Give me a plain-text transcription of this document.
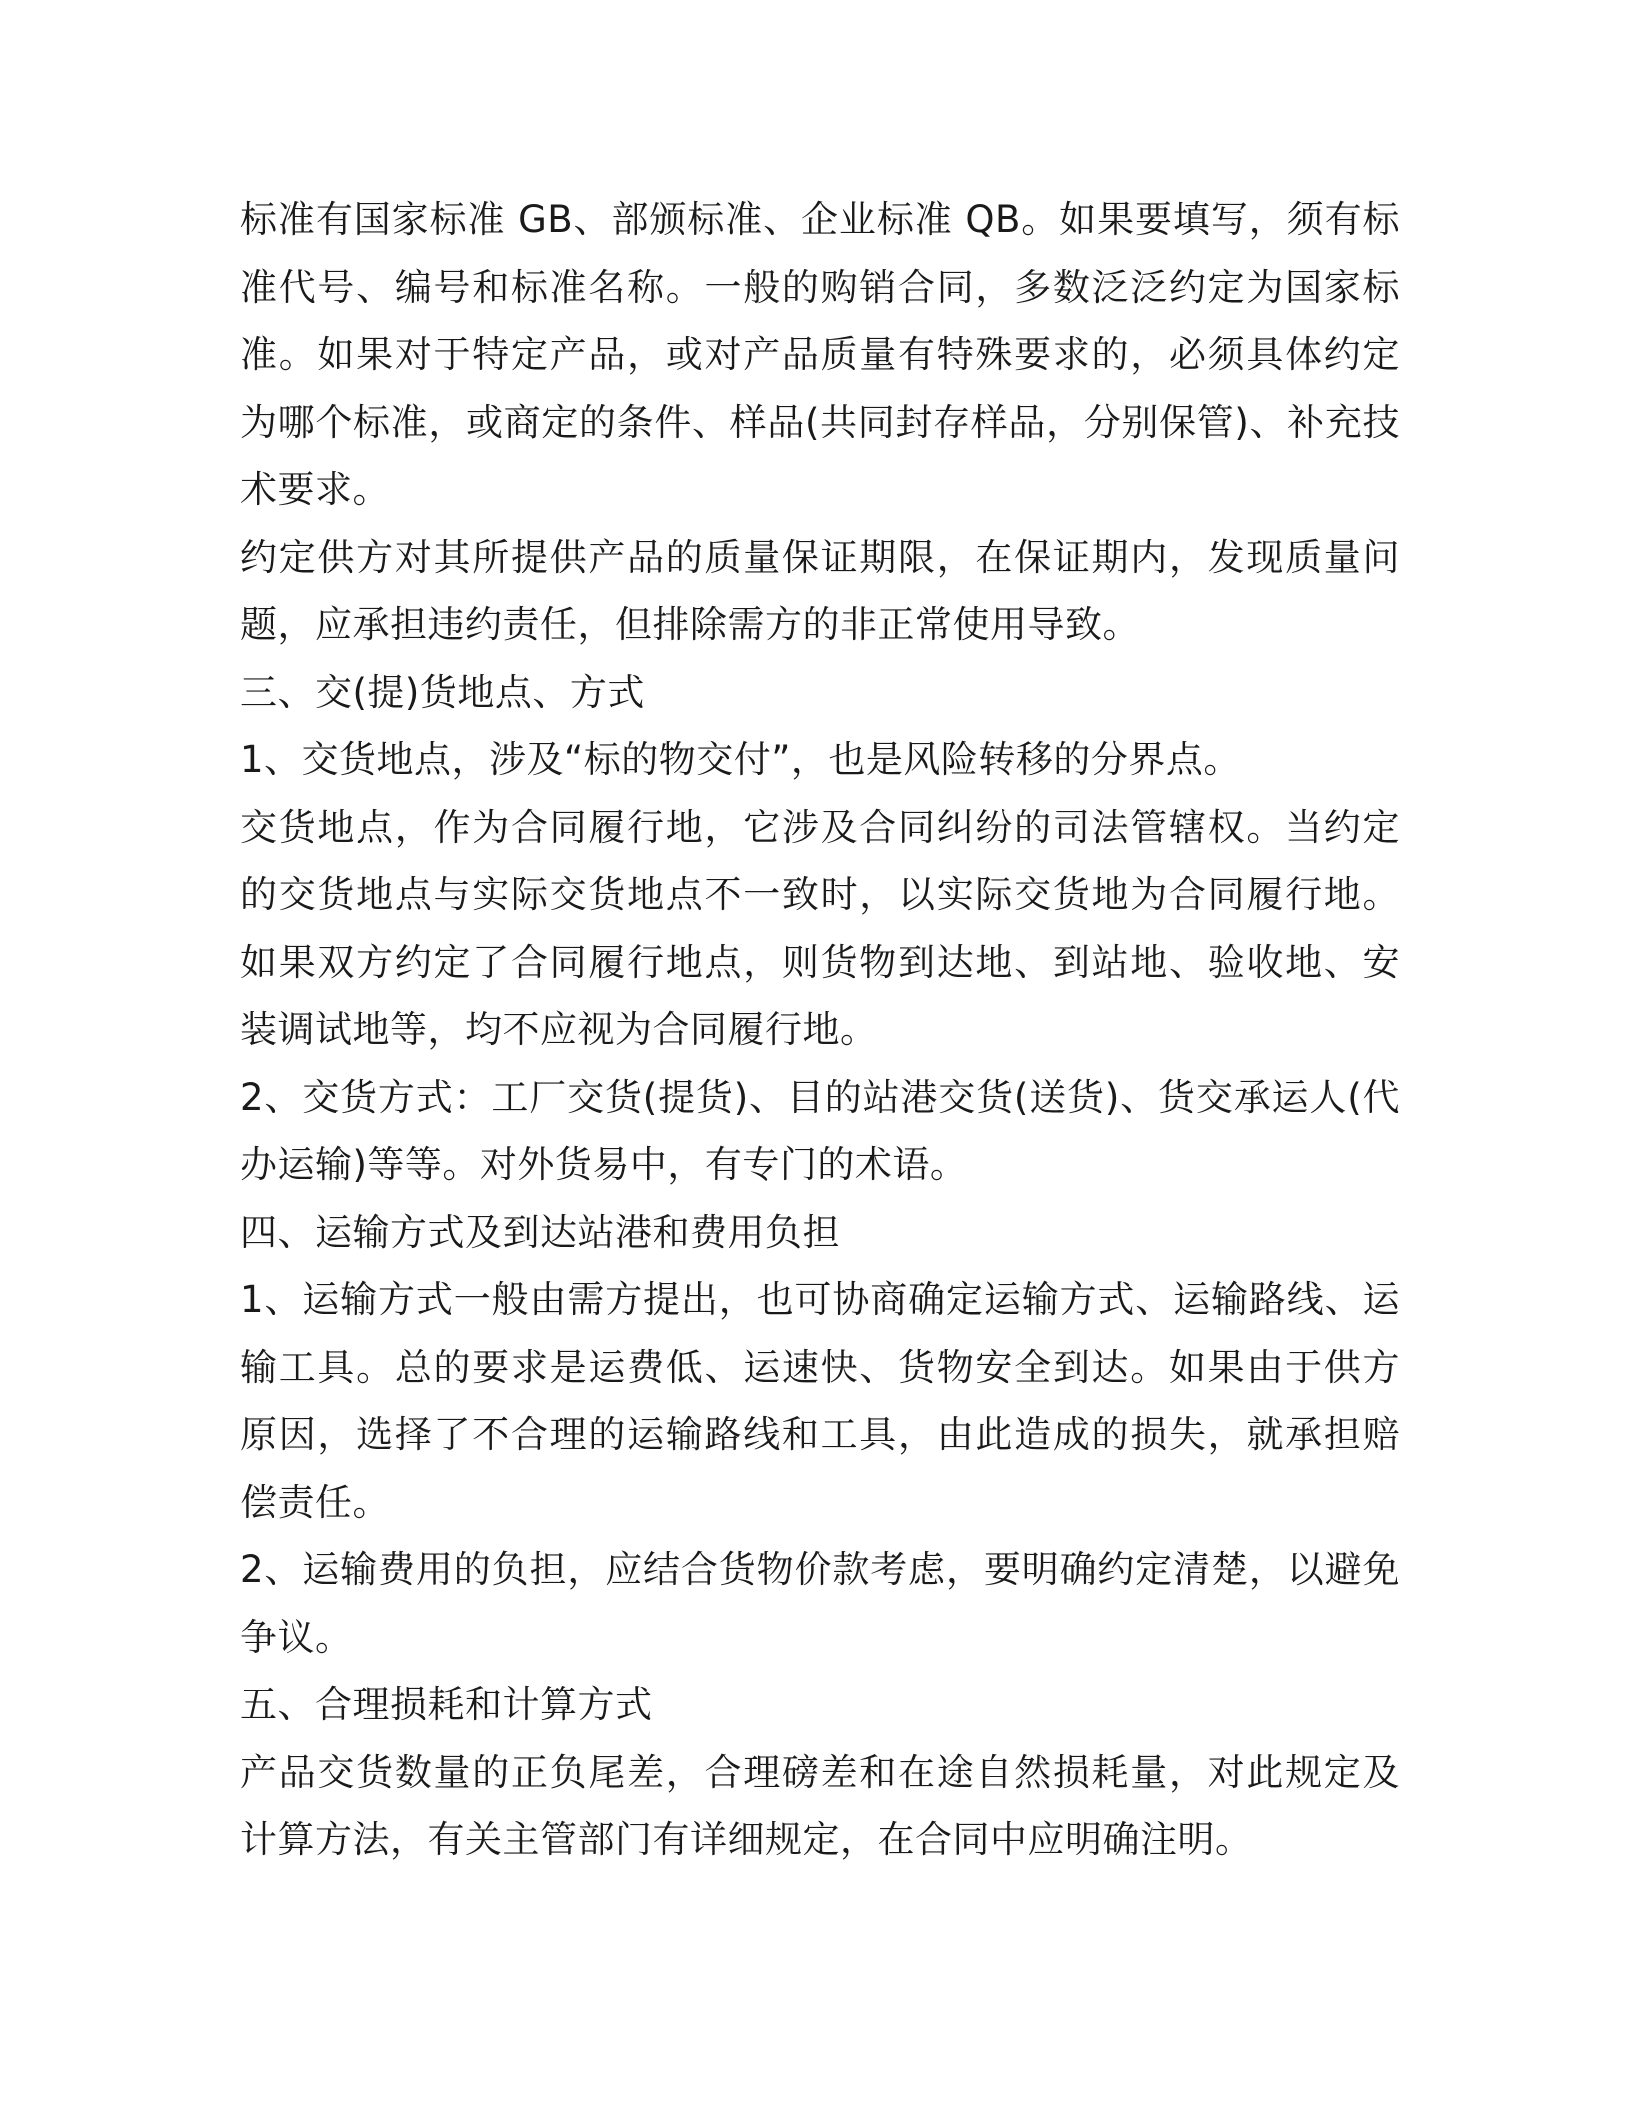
标准有国家标准 GB、部颁标准、企业标准 QB。如果要填写，须有标准代号、编号和标准名称。一般的购销合同，多数泛泛约定为国家标准。如果对于特定产品，或对产品质量有特殊要求的，必须具体约定为哪个标准，或商定的条件、样品(共同封存样品，分别保管)、补充技术要求。

约定供方对其所提供产品的质量保证期限，在保证期内，发现质量问题，应承担违约责任，但排除需方的非正常使用导致。

三、交(提)货地点、方式

1、交货地点，涉及“标的物交付”，也是风险转移的分界点。

交货地点，作为合同履行地，它涉及合同纠纷的司法管辖权。当约定的交货地点与实际交货地点不一致时，以实际交货地为合同履行地。如果双方约定了合同履行地点，则货物到达地、到站地、验收地、安装调试地等，均不应视为合同履行地。

2、交货方式：工厂交货(提货)、目的站港交货(送货)、货交承运人(代办运输)等等。对外货易中，有专门的术语。

四、运输方式及到达站港和费用负担

1、运输方式一般由需方提出，也可协商确定运输方式、运输路线、运输工具。总的要求是运费低、运速快、货物安全到达。如果由于供方原因，选择了不合理的运输路线和工具，由此造成的损失，就承担赔偿责任。

2、运输费用的负担，应结合货物价款考虑，要明确约定清楚，以避免争议。

五、合理损耗和计算方式

产品交货数量的正负尾差，合理磅差和在途自然损耗量，对此规定及计算方法，有关主管部门有详细规定，在合同中应明确注明。
